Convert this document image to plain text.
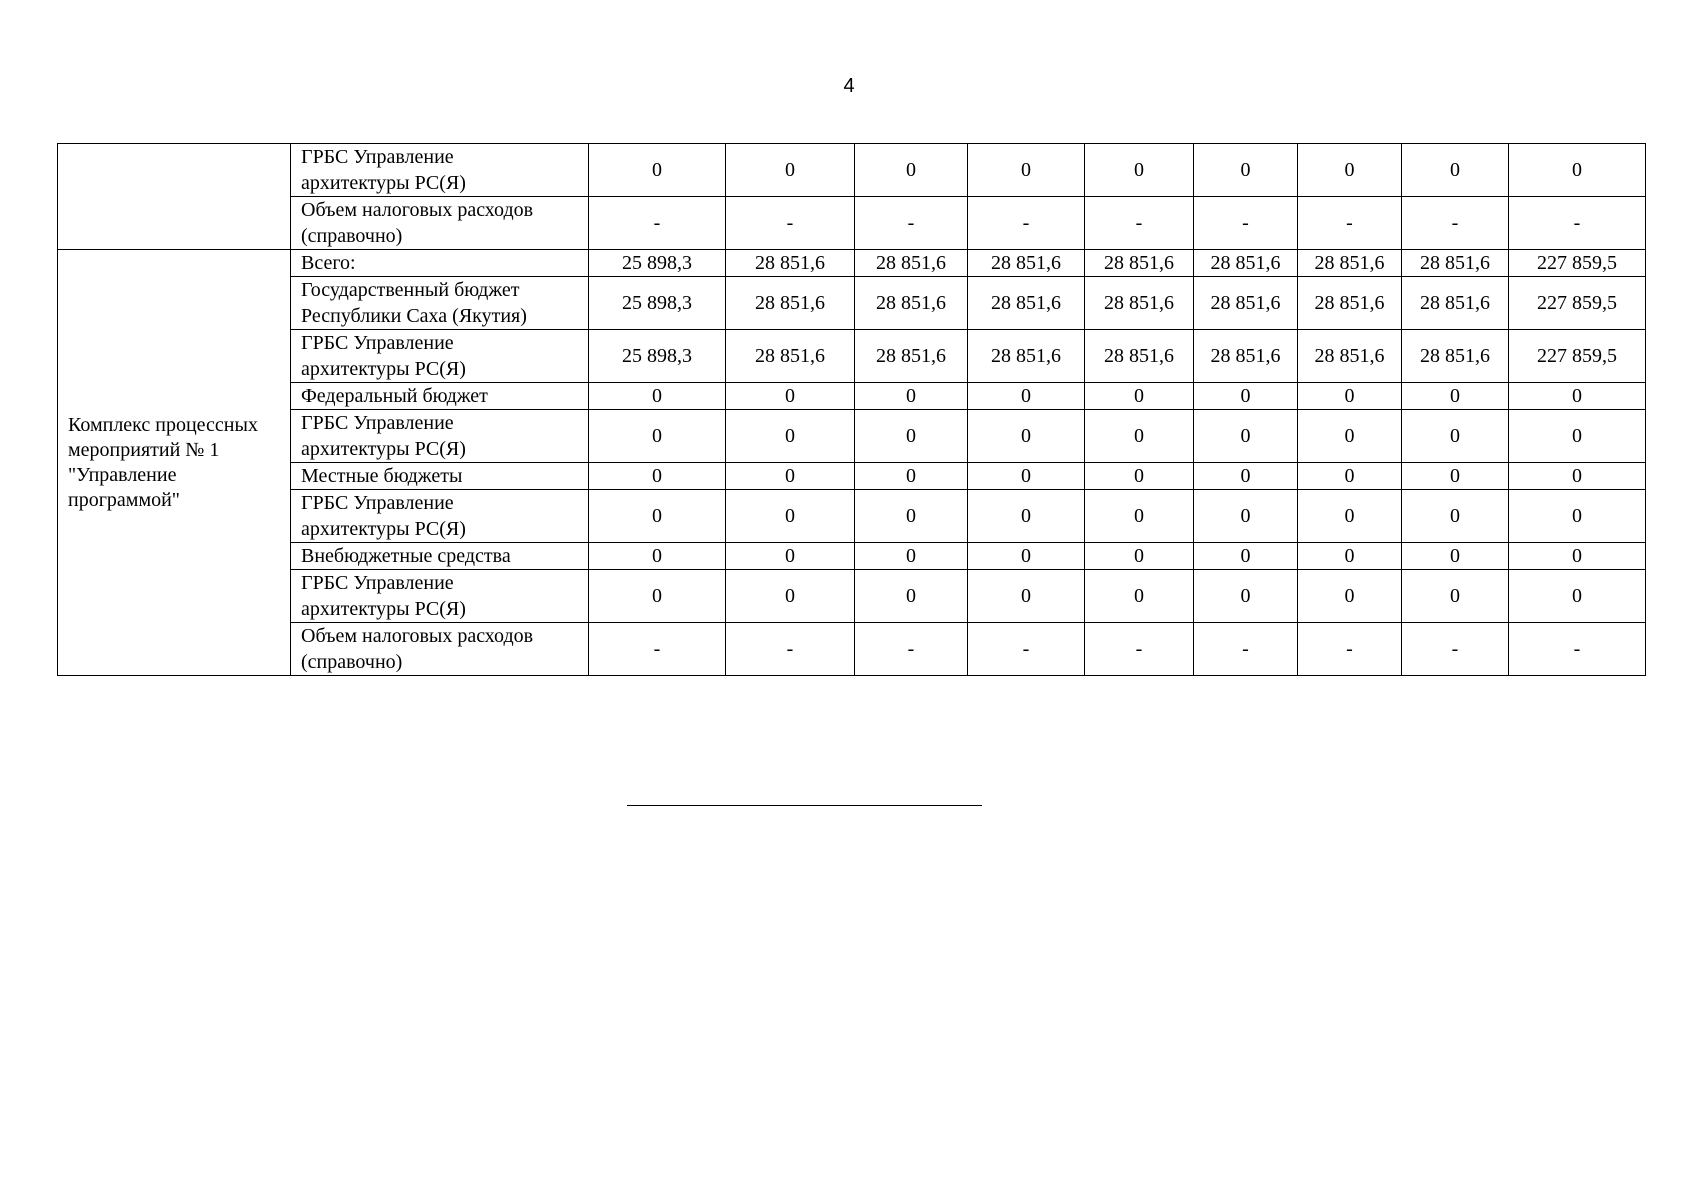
4

	ГРБС Управление
архитектуры РС(Я)	0	0	0	0	0	0	0	0	0

	Объем налоговых расходов
(справочно)	-	-	-	-	-	-	-	-	-
Комплекс процессных мероприятий № 1 "Управление программой"	Всего:	25 898,3	28 851,6	28 851,6	28 851,6	28 851,6	28 851,6	28 851,6	28 851,6	227 859,5

	Государственный бюджет
Республики Саха (Якутия)	25 898,3	28 851,6	28 851,6	28 851,6	28 851,6	28 851,6	28 851,6	28 851,6	227 859,5

	ГРБС Управление
архитектуры РС(Я)	25 898,3	28 851,6	28 851,6	28 851,6	28 851,6	28 851,6	28 851,6	28 851,6	227 859,5

	Федеральный бюджет	0	0	0	0	0	0	0	0	0

	ГРБС Управление
архитектуры РС(Я)	0	0	0	0	0	0	0	0	0

	Местные бюджеты	0	0	0	0	0	0	0	0	0

	ГРБС Управление
архитектуры РС(Я)	0	0	0	0	0	0	0	0	0

	Внебюджетные средства	0	0	0	0	0	0	0	0	0

	ГРБС Управление
архитектуры РС(Я)	0	0	0	0	0	0	0	0	0

	Объем налоговых расходов
(справочно)	-	-	-	-	-	-	-	-	-
